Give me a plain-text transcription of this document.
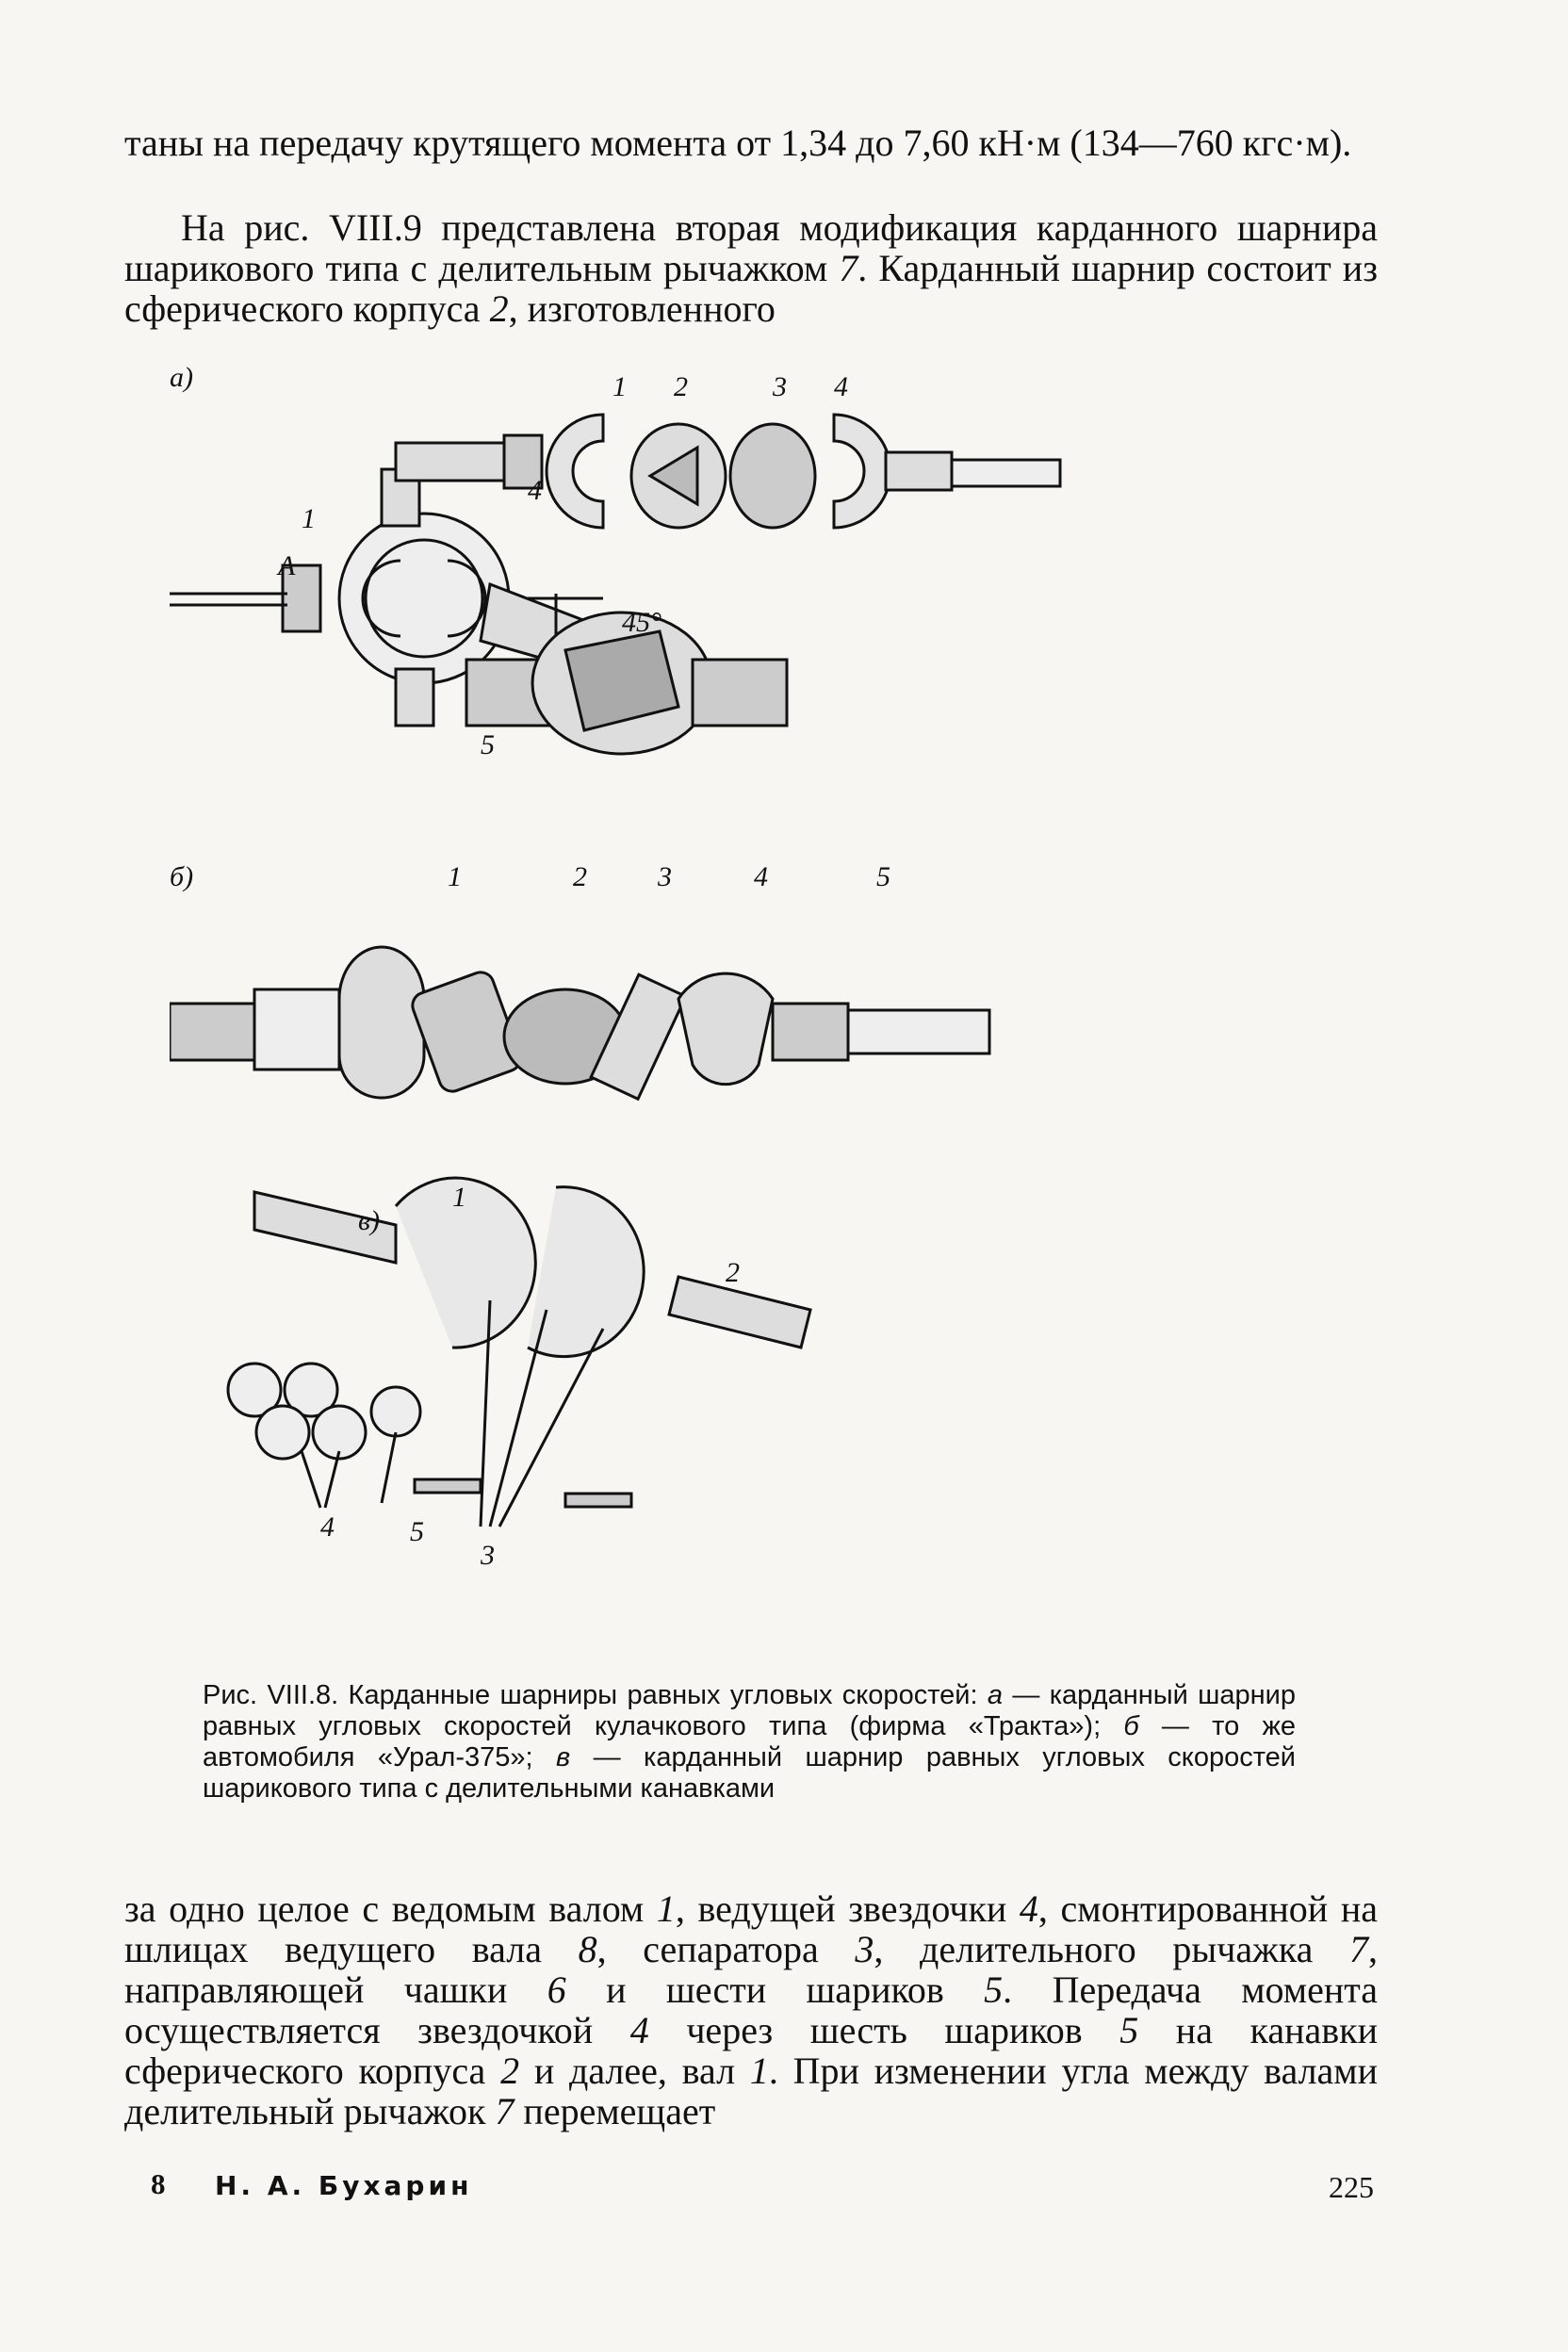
таны на передачу крутящего момента от 1,34 до 7,60 кН·м (134—760 кгс·м).

На рис. VIII.9 представлена вторая модификация карданного шарнира шарикового типа с делительным рычажком 7. Карданный шарнир состоит из сферического корпуса 2, изготовленного

а)
б)
в)
А
45°
1
4
5
1 2	3 4
1	2	3	4	5
1
2
3
4	5

Рис. VIII.8. Карданные шарниры равных угловых скоростей: а — карданный шарнир равных угловых скоростей кулачкового типа (фирма «Тракта»); б — то же автомобиля «Урал-375»; в — карданный шарнир равных угловых скоростей шарикового типа с делительными канавками

за одно целое с ведомым валом 1, ведущей звездочки 4, смонтированной на шлицах ведущего вала 8, сепаратора 3, делительного рычажка 7, направляющей чашки 6 и шести шариков 5. Передача момента осуществляется звездочкой 4 через шесть шариков 5 на канавки сферического корпуса 2 и далее, вал 1. При изменении угла между валами делительный рычажок 7 перемещает

8 Н. А. Бухарин	225
